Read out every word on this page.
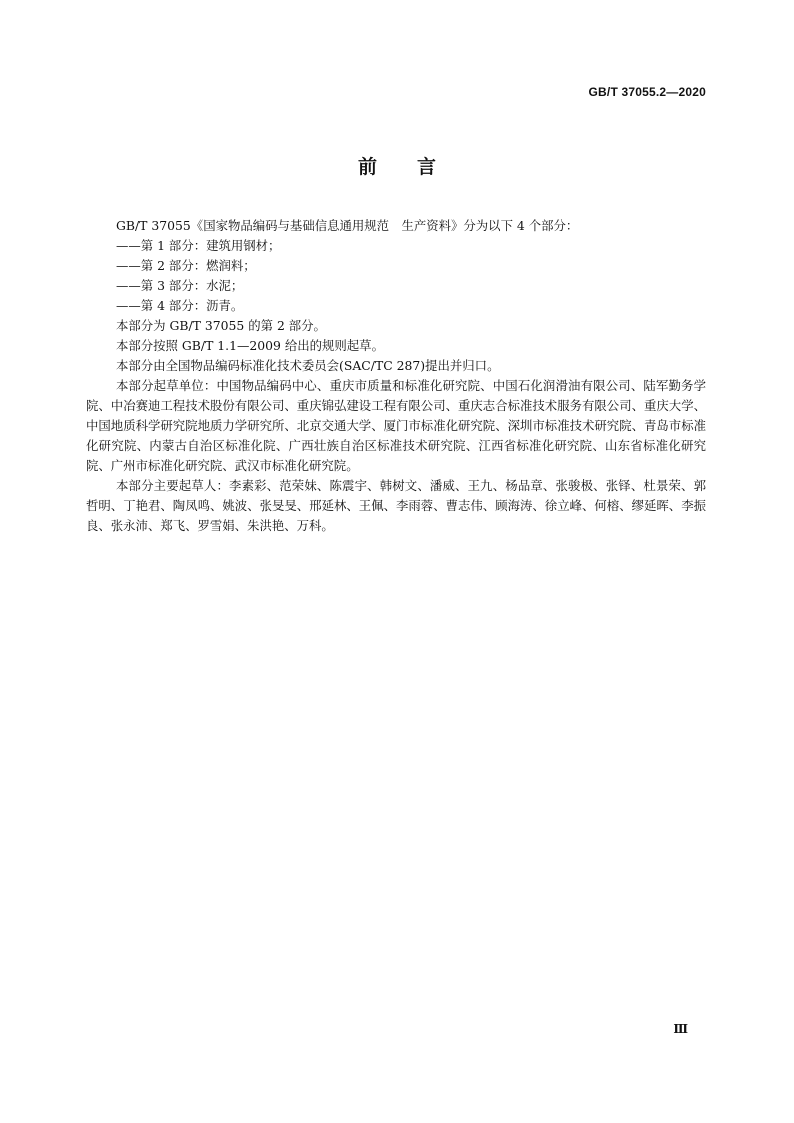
GB/T 37055.2—2020
前言

GB/T 37055《国家物品编码与基础信息通用规范　生产资料》分为以下 4 个部分：

——第 1 部分：建筑用钢材；

——第 2 部分：燃润料；

——第 3 部分：水泥；

——第 4 部分：沥青。

本部分为 GB/T 37055 的第 2 部分。

本部分按照 GB/T 1.1—2009 给出的规则起草。

本部分由全国物品编码标准化技术委员会(SAC/TC 287)提出并归口。

本部分起草单位：中国物品编码中心、重庆市质量和标准化研究院、中国石化润滑油有限公司、陆军勤务学院、中冶赛迪工程技术股份有限公司、重庆锦弘建设工程有限公司、重庆志合标准技术服务有限公司、重庆大学、中国地质科学研究院地质力学研究所、北京交通大学、厦门市标准化研究院、深圳市标准技术研究院、青岛市标准化研究院、内蒙古自治区标准化院、广西壮族自治区标准技术研究院、江西省标准化研究院、山东省标准化研究院、广州市标准化研究院、武汉市标准化研究院。

本部分主要起草人：李素彩、范荣妹、陈震宇、韩树文、潘威、王九、杨品章、张骏极、张铎、杜景荣、郭哲明、丁艳君、陶凤鸣、姚波、张旻旻、邢延林、王佩、李雨蓉、曹志伟、顾海涛、徐立峰、何榕、缪延晖、李振良、张永沛、郑飞、罗雪娟、朱洪艳、万科。

Ⅲ
